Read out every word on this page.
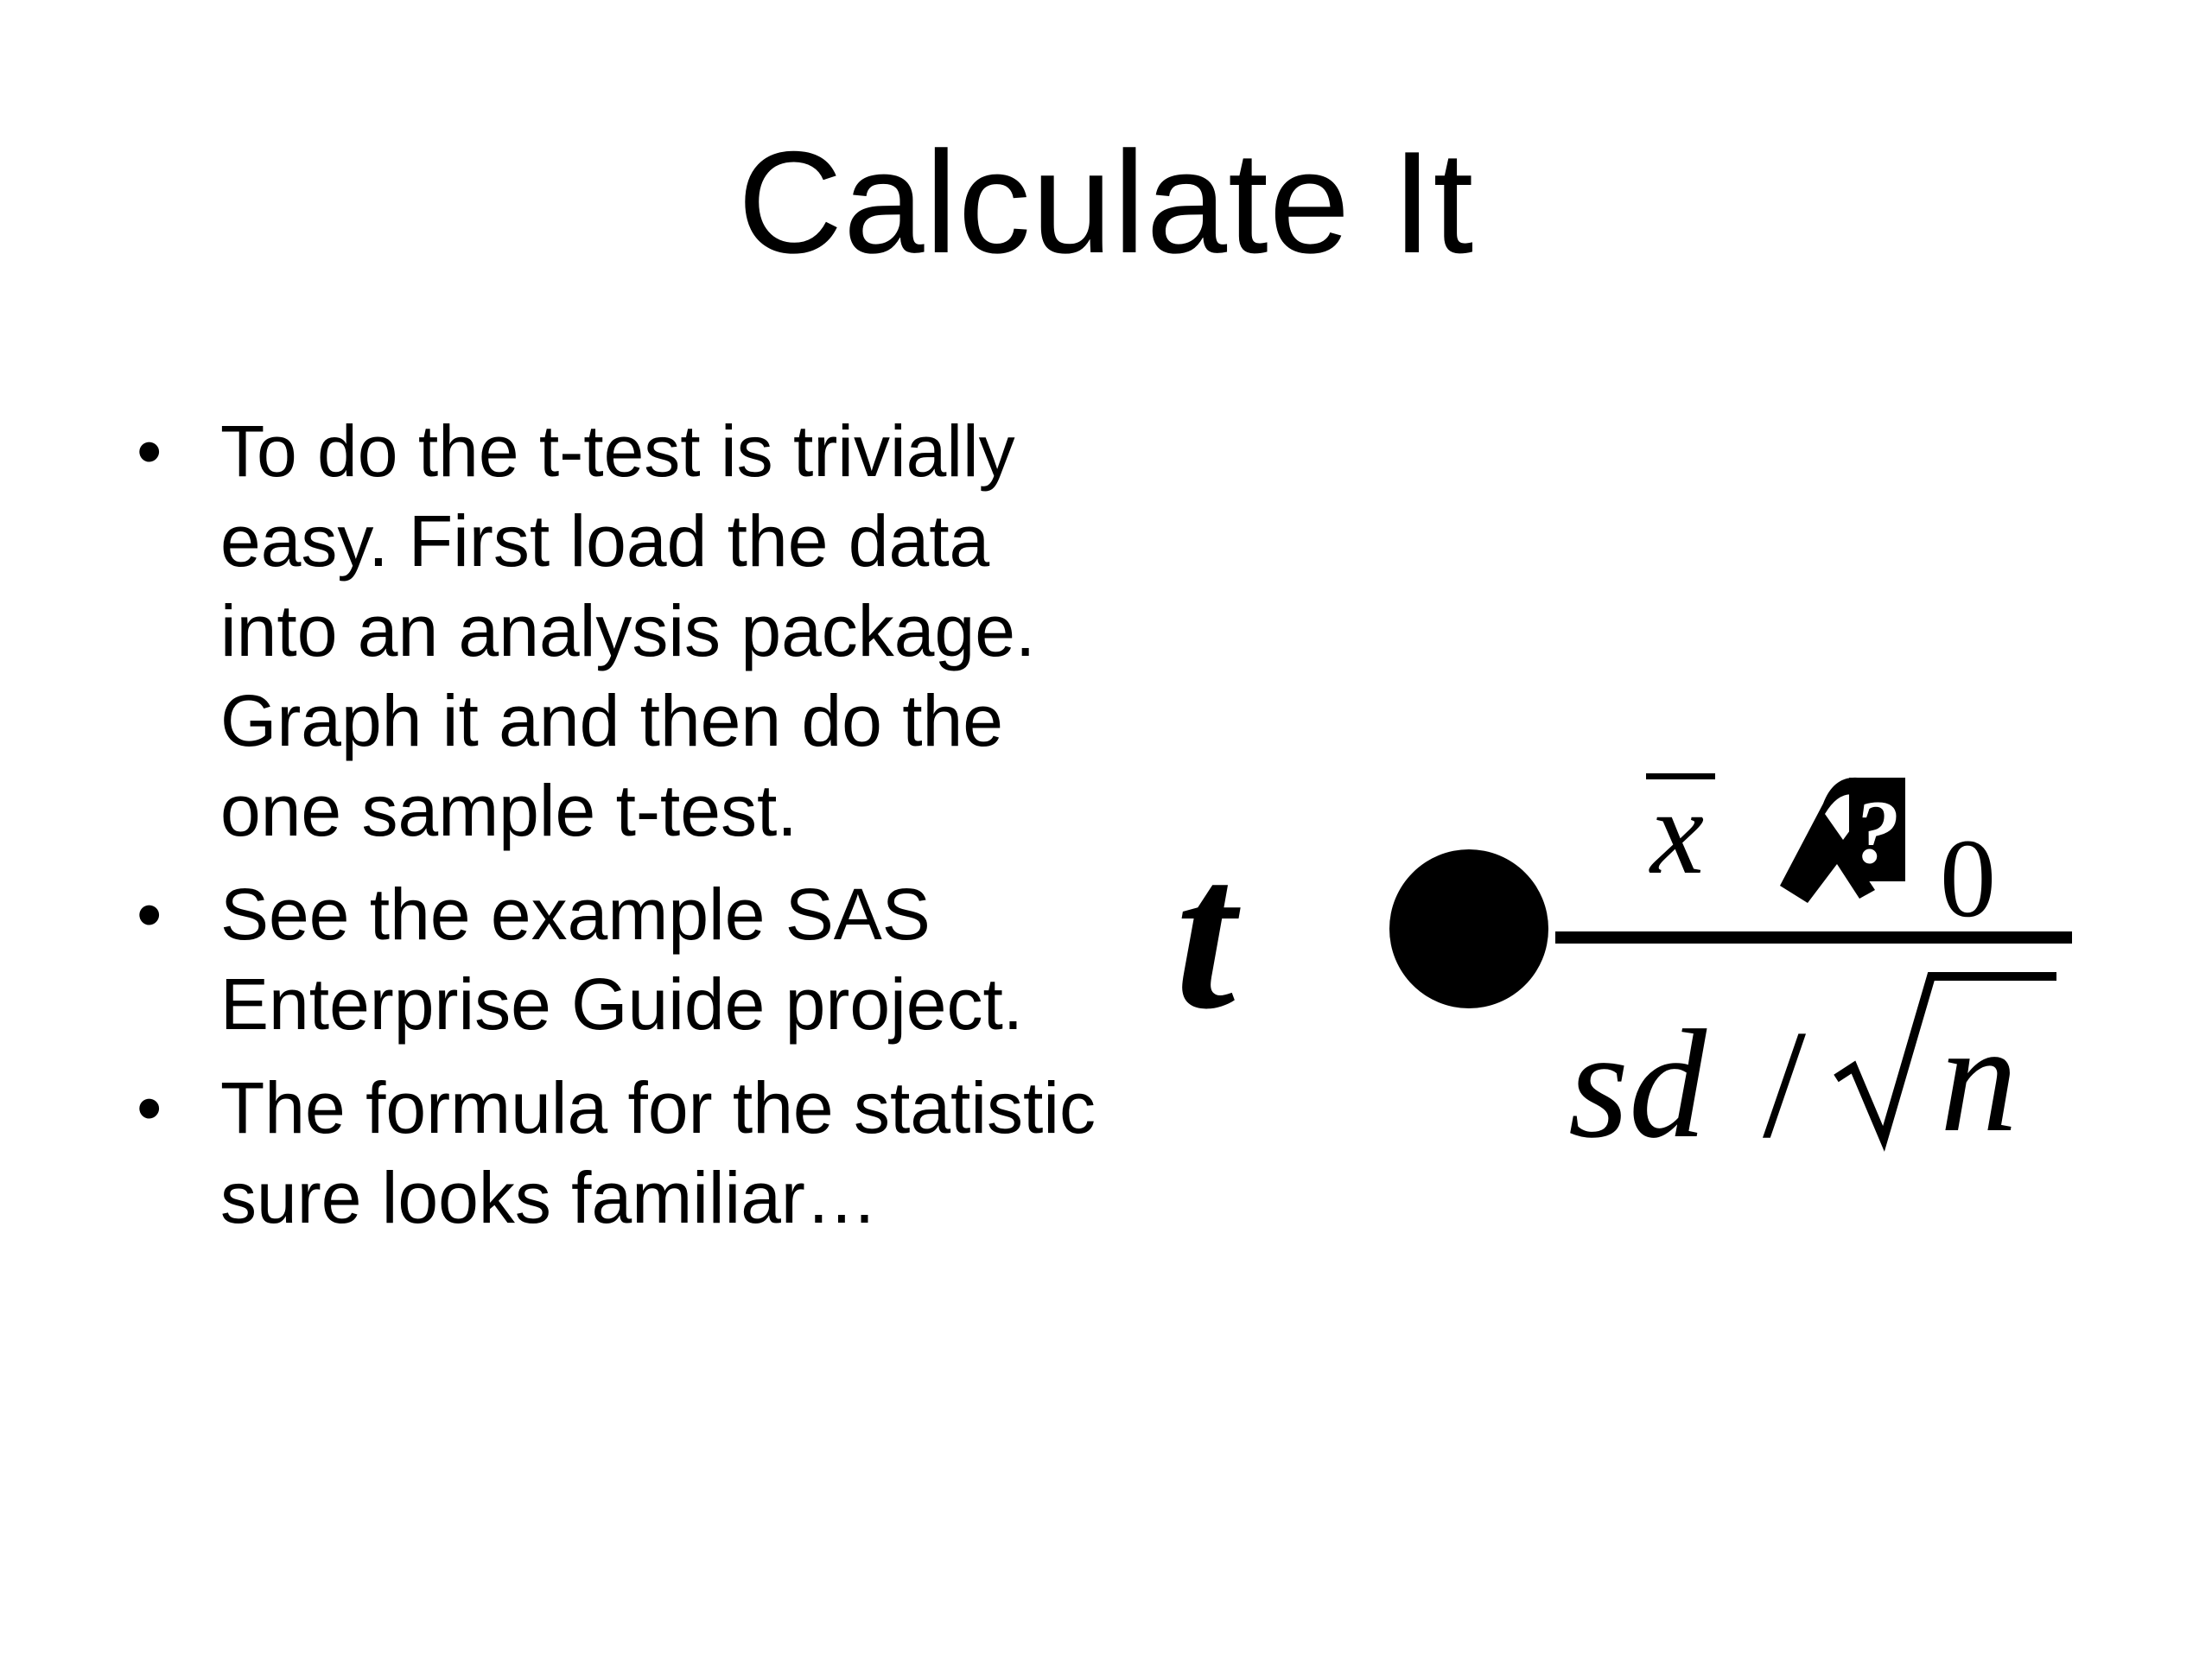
Calculate It
• To do the t-test is trivially easy. First load the data into an analysis package. Graph it and then do the one sample t-test.
• See the example SAS Enterprise Guide project.
• The formula for the statistic sure looks familiar…
t	x ? 0
sd / n
